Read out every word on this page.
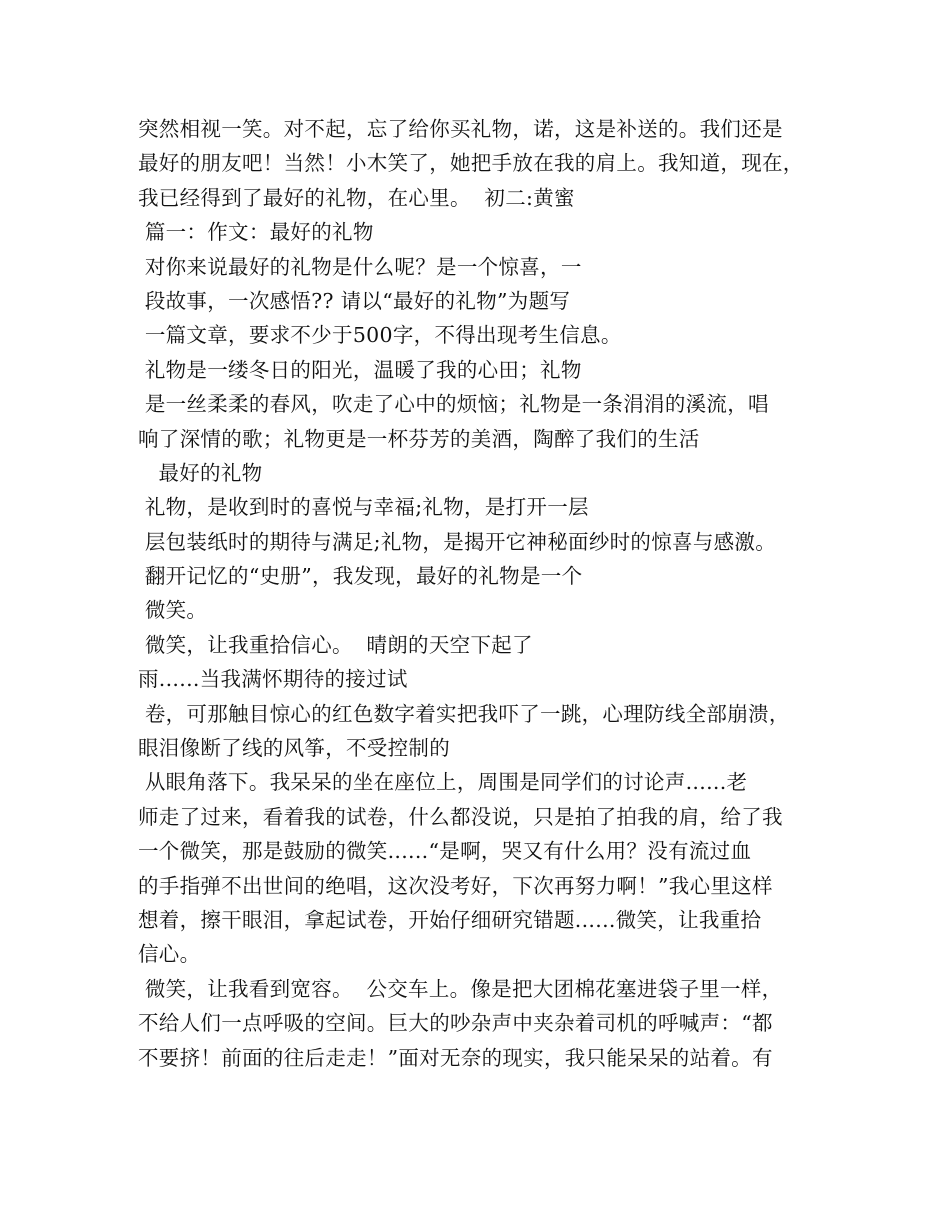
突然相视一笑。对不起，忘了给你买礼物，诺，这是补送的。我们还是
最好的朋友吧！当然！小木笑了，她把手放在我的肩上。我知道，现在，
我已经得到了最好的礼物，在心里。  初二:黄蜜
篇一：作文：最好的礼物
对你来说最好的礼物是什么呢？是一个惊喜，一
段故事，一次感悟?? 请以“最好的礼物”为题写
一篇文章，要求不少于500字，不得出现考生信息。
礼物是一缕冬日的阳光，温暖了我的心田；礼物
是一丝柔柔的春风，吹走了心中的烦恼；礼物是一条涓涓的溪流，唱
响了深情的歌；礼物更是一杯芬芳的美酒，陶醉了我们的生活
最好的礼物
礼物，是收到时的喜悦与幸福;礼物，是打开一层
层包装纸时的期待与满足;礼物，是揭开它神秘面纱时的惊喜与感激。
翻开记忆的“史册”，我发现，最好的礼物是一个
微笑。
微笑，让我重拾信心。  晴朗的天空下起了
雨......当我满怀期待的接过试
卷，可那触目惊心的红色数字着实把我吓了一跳，心理防线全部崩溃，
眼泪像断了线的风筝，不受控制的
从眼角落下。我呆呆的坐在座位上，周围是同学们的讨论声......老
师走了过来，看着我的试卷，什么都没说，只是拍了拍我的肩，给了我
一个微笑，那是鼓励的微笑......“是啊，哭又有什么用？没有流过血
的手指弹不出世间的绝唱，这次没考好，下次再努力啊！”我心里这样
想着，擦干眼泪，拿起试卷，开始仔细研究错题......微笑，让我重拾
信心。
微笑，让我看到宽容。  公交车上。像是把大团棉花塞进袋子里一样，
不给人们一点呼吸的空间。巨大的吵杂声中夹杂着司机的呼喊声：“都
不要挤！前面的往后走走！”面对无奈的现实，我只能呆呆的站着。有
